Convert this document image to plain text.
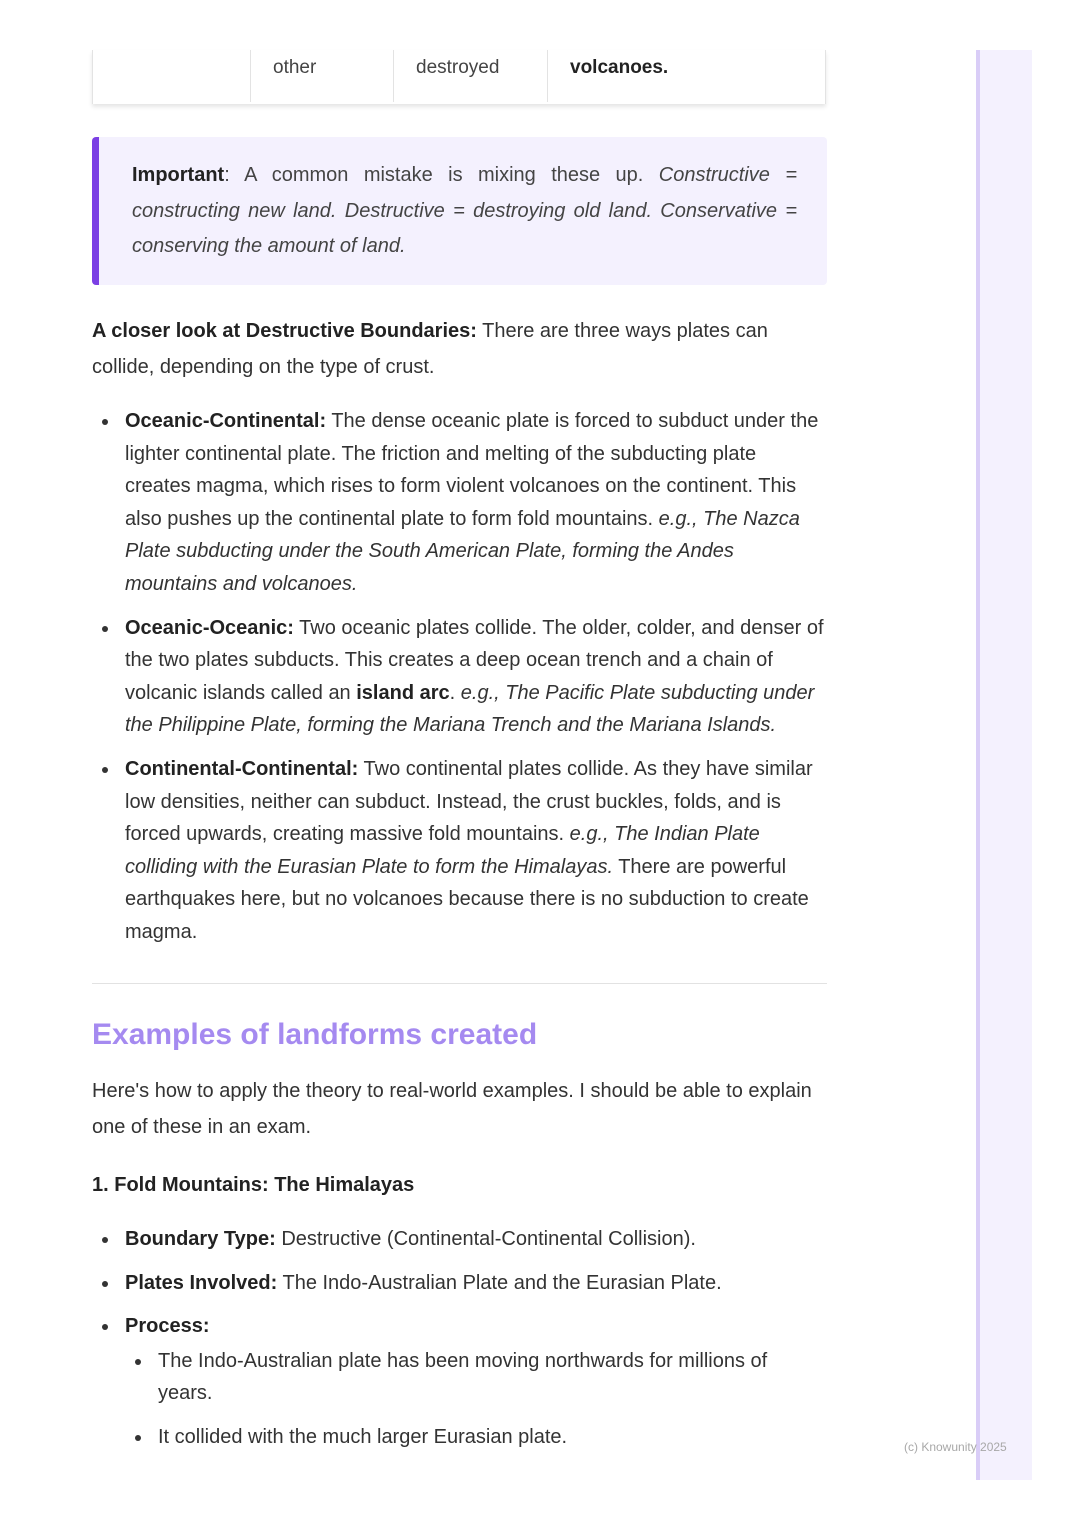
other	destroyed	volcanoes.

Important: A common mistake is mixing these up. Constructive = constructing new land. Destructive = destroying old land. Conservative = conserving the amount of land.

A closer look at Destructive Boundaries: There are three ways plates can collide, depending on the type of crust.

Oceanic-Continental: The dense oceanic plate is forced to subduct under the lighter continental plate. The friction and melting of the subducting plate creates magma, which rises to form violent volcanoes on the continent. This also pushes up the continental plate to form fold mountains. e.g., The Nazca Plate subducting under the South American Plate, forming the Andes mountains and volcanoes.
Oceanic-Oceanic: Two oceanic plates collide. The older, colder, and denser of the two plates subducts. This creates a deep ocean trench and a chain of volcanic islands called an island arc. e.g., The Pacific Plate subducting under the Philippine Plate, forming the Mariana Trench and the Mariana Islands.
Continental-Continental: Two continental plates collide. As they have similar low densities, neither can subduct. Instead, the crust buckles, folds, and is forced upwards, creating massive fold mountains. e.g., The Indian Plate colliding with the Eurasian Plate to form the Himalayas. There are powerful earthquakes here, but no volcanoes because there is no subduction to create magma.
Examples of landforms created

Here's how to apply the theory to real-world examples. I should be able to explain one of these in an exam.

1. Fold Mountains: The Himalayas
Boundary Type: Destructive (Continental-Continental Collision).
Plates Involved: The Indo-Australian Plate and the Eurasian Plate.
Process:
The Indo-Australian plate has been moving northwards for millions of years.
It collided with the much larger Eurasian plate.	(c) Knowunity 2025
